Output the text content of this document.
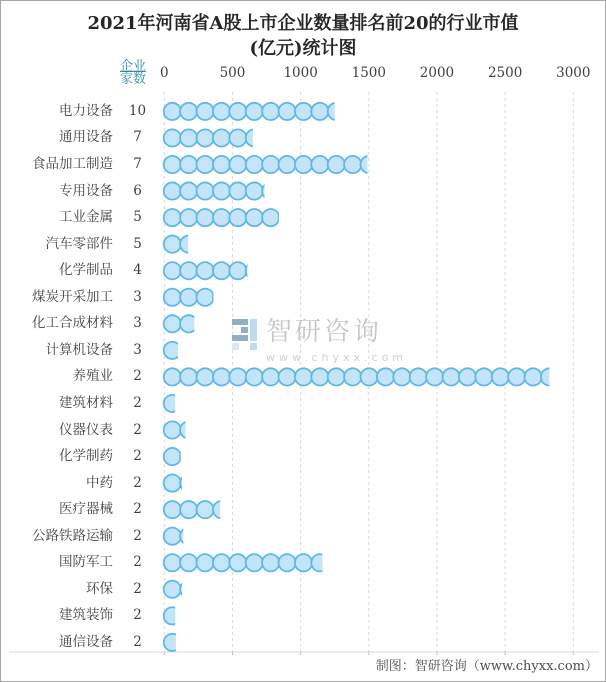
2021年河南省A股上市企业数量排名前20的行业市值
(亿元)统计图
企业
家数	0	500	1000	1500	2000	2500	3000
电力设备	10
通用设备	7
食品加工制造	7
专用设备	6
工业金属	5
汽车零部件	5
化学制品	4
煤炭开采加工	3
化工合成材料	3
计算机设备	3
养殖业	2
建筑材料	2
仪器仪表	2
化学制药	2
中药	2
医疗器械	2
公路铁路运输	2
国防军工	2
环保	2
建筑装饰	2
通信设备	2
智研咨询
www.chyxx.com
制图：智研咨询（www.chyxx.com）
